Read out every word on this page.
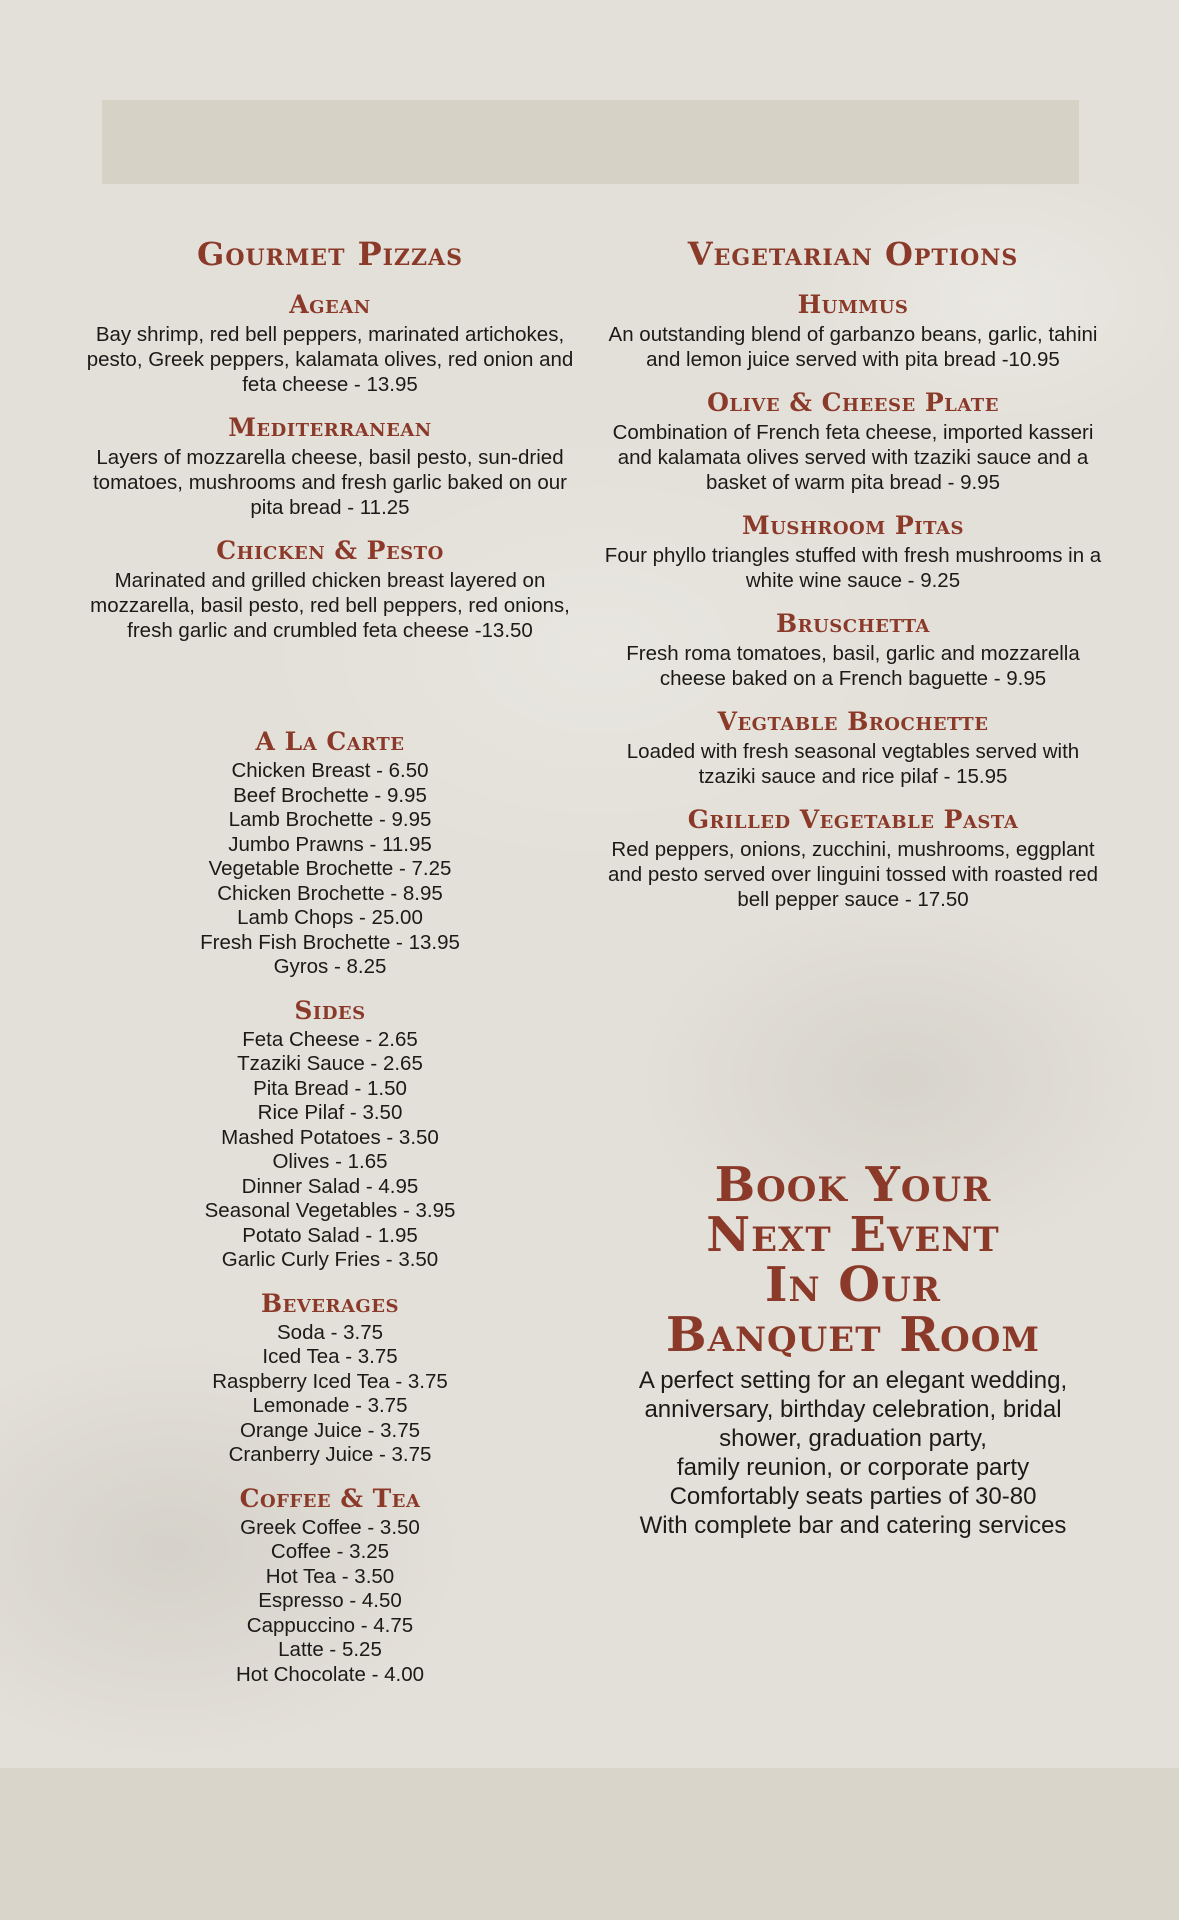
Gourmet Pizzas
Agean

Bay shrimp, red bell peppers, marinated artichokes, pesto, Greek peppers, kalamata olives, red onion and feta cheese - 13.95

Mediterranean

Layers of mozzarella cheese, basil pesto, sun-dried tomatoes, mushrooms and fresh garlic baked on our pita bread - 11.25

Chicken & Pesto

Marinated and grilled chicken breast layered on mozzarella, basil pesto, red bell peppers, red onions, fresh garlic and crumbled feta cheese -13.50

A La Carte
Chicken Breast - 6.50
Beef Brochette - 9.95
Lamb Brochette - 9.95
Jumbo Prawns - 11.95
Vegetable Brochette - 7.25
Chicken Brochette - 8.95
Lamb Chops - 25.00
Fresh Fish Brochette - 13.95
Gyros - 8.25
Sides
Feta Cheese - 2.65
Tzaziki Sauce - 2.65
Pita Bread - 1.50
Rice Pilaf - 3.50
Mashed Potatoes - 3.50
Olives - 1.65
Dinner Salad - 4.95
Seasonal Vegetables - 3.95
Potato Salad - 1.95
Garlic Curly Fries - 3.50
Beverages
Soda - 3.75
Iced Tea - 3.75
Raspberry Iced Tea - 3.75
Lemonade - 3.75
Orange Juice - 3.75
Cranberry Juice - 3.75
Coffee & Tea
Greek Coffee - 3.50
Coffee - 3.25
Hot Tea - 3.50
Espresso - 4.50
Cappuccino - 4.75
Latte - 5.25
Hot Chocolate - 4.00
Vegetarian Options
Hummus

An outstanding blend of garbanzo beans, garlic, tahini and lemon juice served with pita bread -10.95

Olive & Cheese Plate

Combination of French feta cheese, imported kasseri and kalamata olives served with tzaziki sauce and a basket of warm pita bread - 9.95

Mushroom Pitas

Four phyllo triangles stuffed with fresh mushrooms in a white wine sauce - 9.25

Bruschetta

Fresh roma tomatoes, basil, garlic and mozzarella cheese baked on a French baguette - 9.95

Vegtable Brochette

Loaded with fresh seasonal vegtables served with tzaziki sauce and rice pilaf - 15.95

Grilled Vegetable Pasta

Red peppers, onions, zucchini, mushrooms, eggplant and pesto served over linguini tossed with roasted red bell pepper sauce - 17.50

Book Your
Next Event
In Our
Banquet Room
A perfect setting for an elegant wedding,
anniversary, birthday celebration, bridal
shower, graduation party,
family reunion, or corporate party
Comfortably seats parties of 30-80
With complete bar and catering services
